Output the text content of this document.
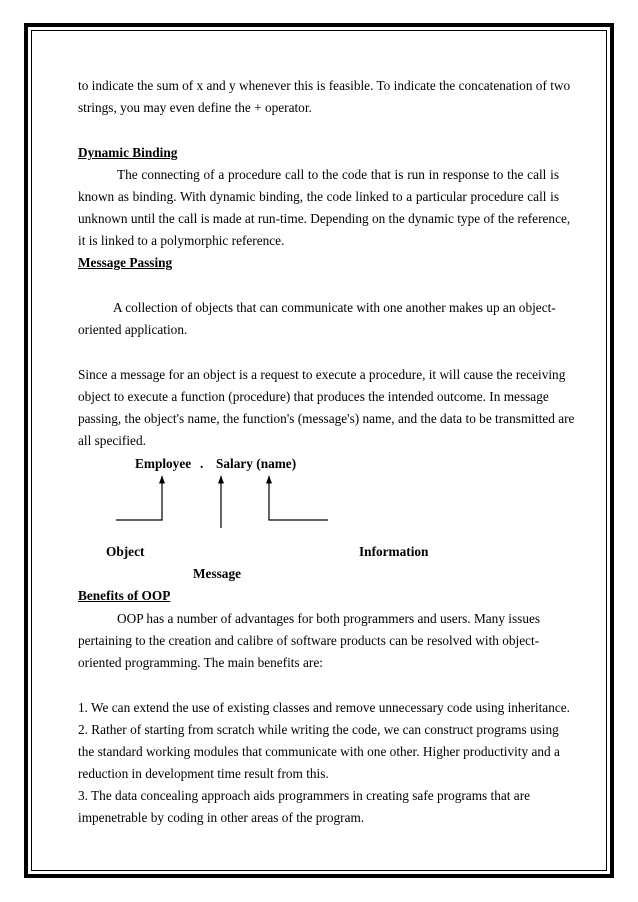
to indicate the sum of x and y whenever this is feasible. To indicate the concatenation of two
strings, you may even define the + operator.
Dynamic Binding
The connecting of a procedure call to the code that is run in response to the call is
known as binding. With dynamic binding, the code linked to a particular procedure call is
unknown until the call is made at run-time. Depending on the dynamic type of the reference,
it is linked to a polymorphic reference.
Message Passing
A collection of objects that can communicate with one another makes up an object-
oriented application.
Since a message for an object is a request to execute a procedure, it will cause the receiving
object to execute a function (procedure) that produces the intended outcome. In message
passing, the object's name, the function's (message's) name, and the data to be transmitted are
all specified.
Employee . Salary (name)
Object	Information
Message
Benefits of OOP
OOP has a number of advantages for both programmers and users. Many issues
pertaining to the creation and calibre of software products can be resolved with object-
oriented programming. The main benefits are:
1. We can extend the use of existing classes and remove unnecessary code using inheritance.
2. Rather of starting from scratch while writing the code, we can construct programs using
the standard working modules that communicate with one other. Higher productivity and a
reduction in development time result from this.
3. The data concealing approach aids programmers in creating safe programs that are
impenetrable by coding in other areas of the program.
